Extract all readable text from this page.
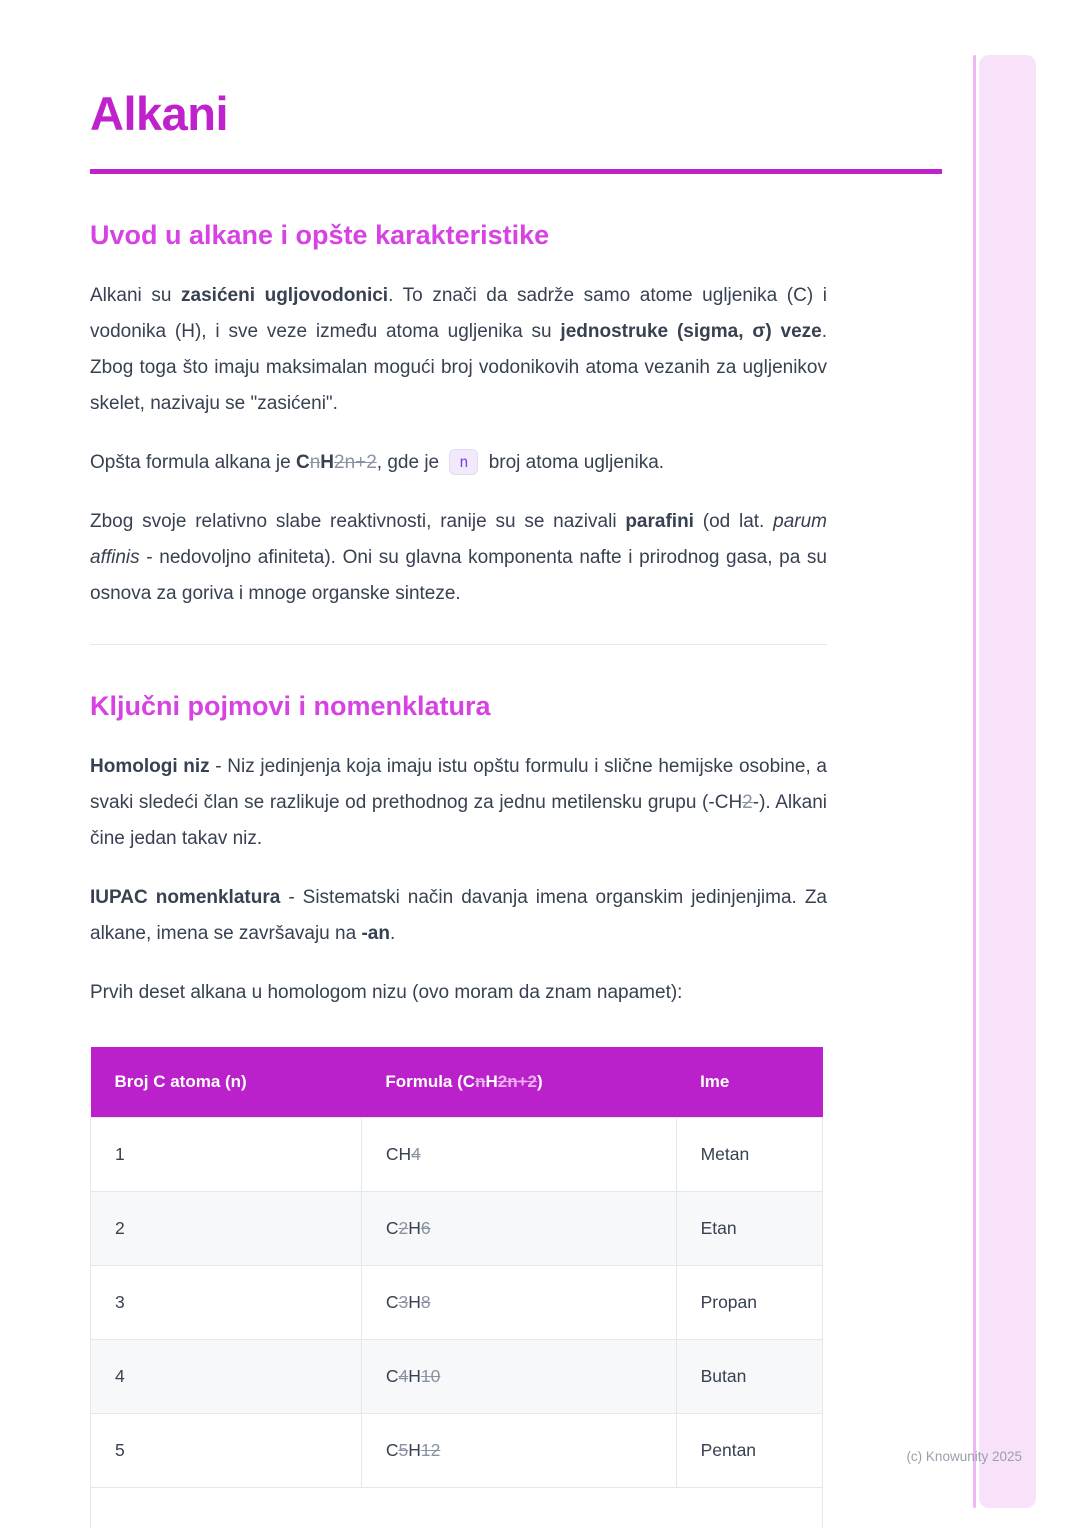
Alkani
Uvod u alkane i opšte karakteristike

Alkani su zasićeni ugljovodonici. To znači da sadrže samo atome ugljenika (C) i vodonika (H), i sve veze između atoma ugljenika su jednostruke (sigma, σ) veze. Zbog toga što imaju maksimalan mogući broj vodonikovih atoma vezanih za ugljenikov skelet, nazivaju se "zasićeni".

Opšta formula alkana je CnH2n+2, gde je n broj atoma ugljenika.

Zbog svoje relativno slabe reaktivnosti, ranije su se nazivali parafini (od lat. parum affinis - nedovoljno afiniteta). Oni su glavna komponenta nafte i prirodnog gasa, pa su osnova za goriva i mnoge organske sinteze.

Ključni pojmovi i nomenklatura

Homologi niz - Niz jedinjenja koja imaju istu opštu formulu i slične hemijske osobine, a svaki sledeći član se razlikuje od prethodnog za jednu metilensku grupu (-CH2-). Alkani čine jedan takav niz.

IUPAC nomenklatura - Sistematski način davanja imena organskim jedinjenjima. Za alkane, imena se završavaju na -an.

Prvih deset alkana u homologom nizu (ovo moram da znam napamet):

Broj C atoma (n)	Formula (CnH2n+2)	Ime
1	CH4	Metan
2	C2H6	Etan
3	C3H8	Propan
4	C4H10	Butan
5	C5H12	Pentan	(c) Knowunity 2025
